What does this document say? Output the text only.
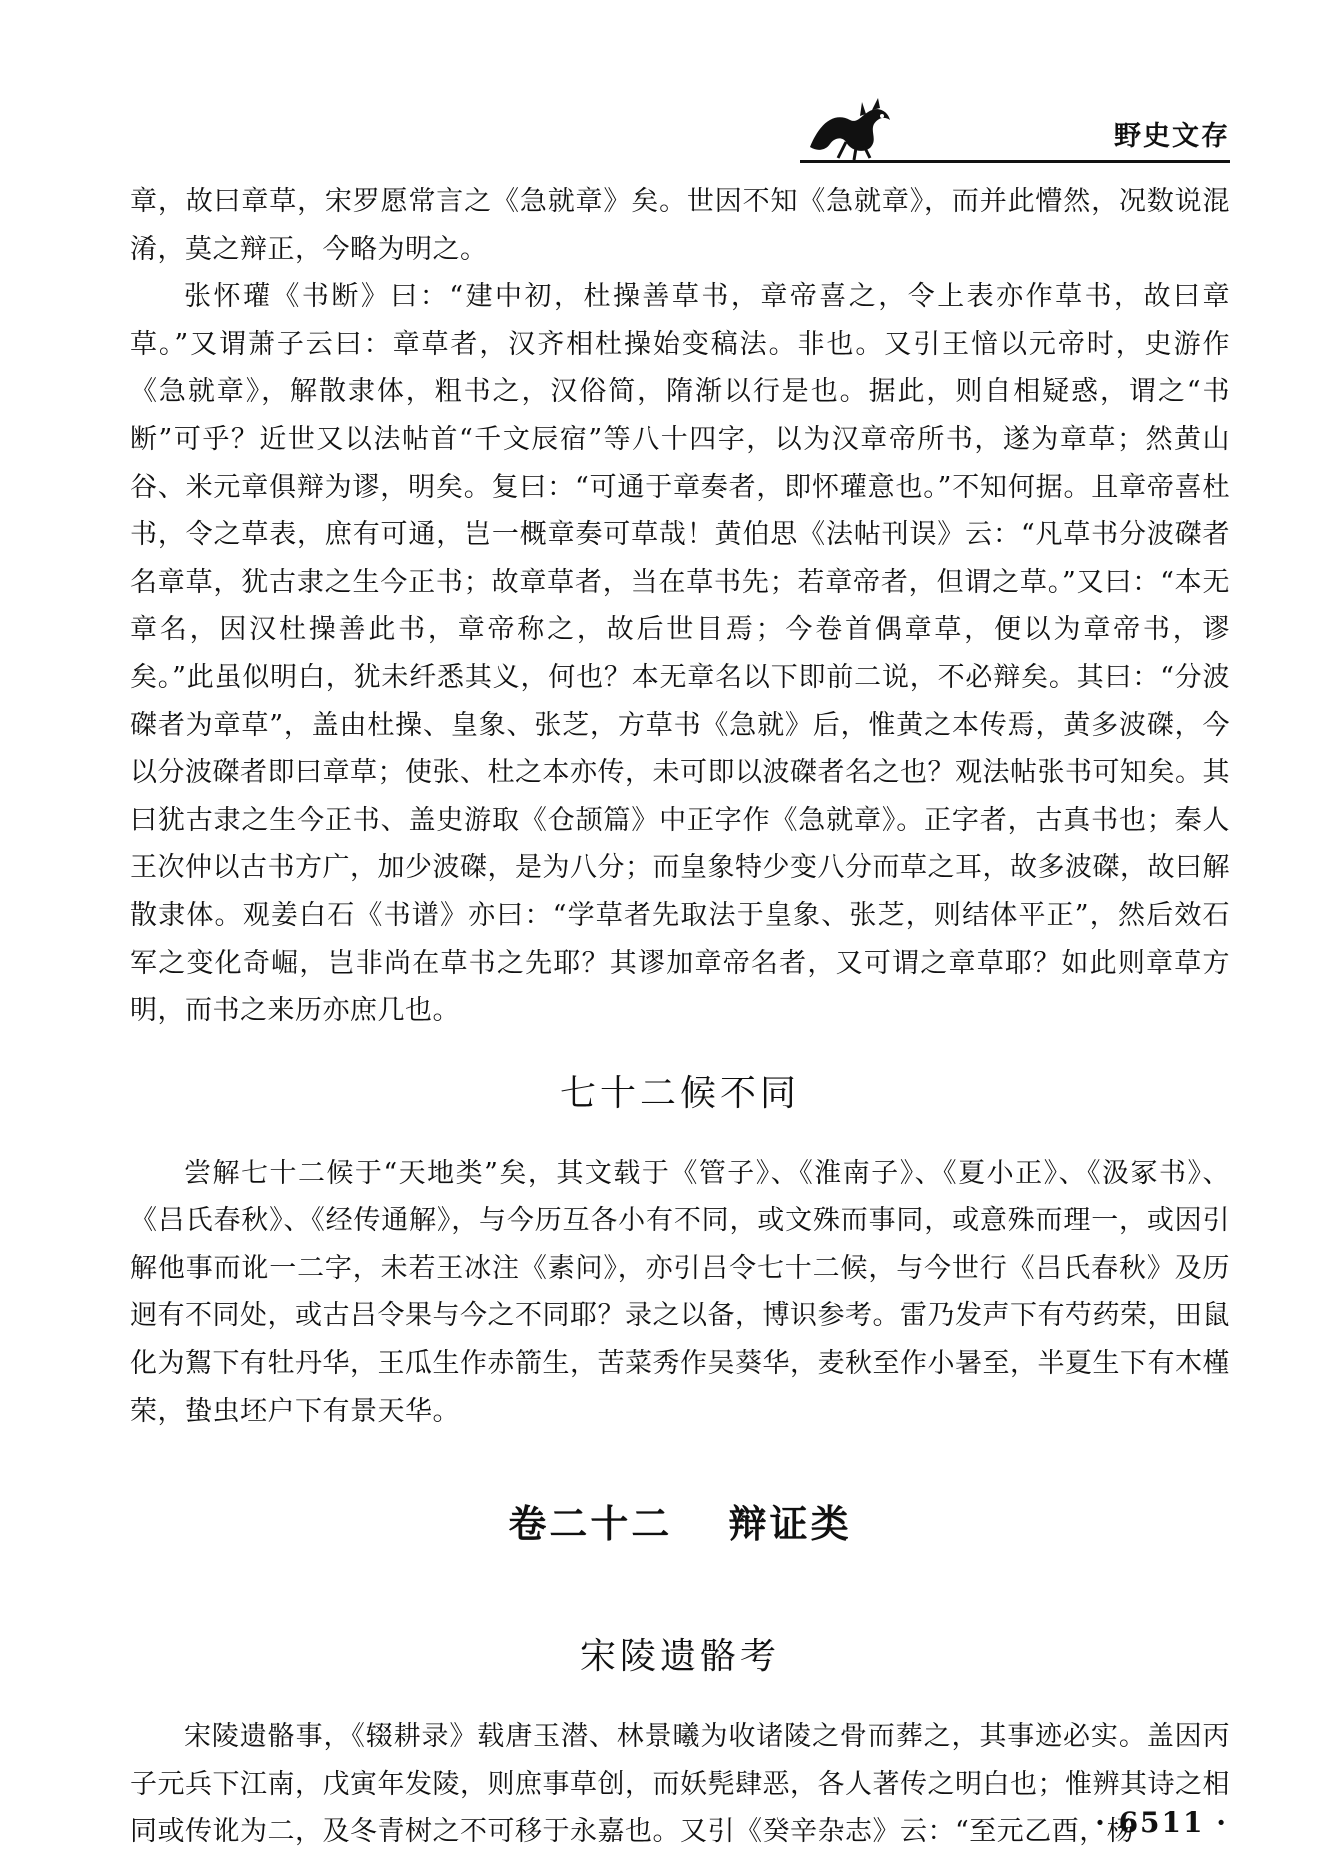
野史文存

章，故曰章草，宋罗愿常言之《急就章》矣。世因不知《急就章》，而并此懵然，况数说混淆，莫之辩正，今略为明之。

张怀瓘《书断》曰：“建中初，杜操善草书，章帝喜之，令上表亦作草书，故曰章草。”又谓萧子云曰：章草者，汉齐相杜操始变稿法。非也。又引王愔以元帝时，史游作《急就章》，解散隶体，粗书之，汉俗简，隋渐以行是也。据此，则自相疑惑，谓之“书断”可乎？近世又以法帖首“千文辰宿”等八十四字，以为汉章帝所书，遂为章草；然黄山谷、米元章俱辩为谬，明矣。复曰：“可通于章奏者，即怀瓘意也。”不知何据。且章帝喜杜书，令之草表，庶有可通，岂一概章奏可草哉！黄伯思《法帖刊误》云：“凡草书分波磔者名章草，犹古隶之生今正书；故章草者，当在草书先；若章帝者，但谓之草。”又曰：“本无章名，因汉杜操善此书，章帝称之，故后世目焉；今卷首偶章草，便以为章帝书，谬矣。”此虽似明白，犹未纤悉其义，何也？本无章名以下即前二说，不必辩矣。其曰：“分波磔者为章草”，盖由杜操、皇象、张芝，方草书《急就》后，惟黄之本传焉，黄多波磔，今以分波磔者即曰章草；使张、杜之本亦传，未可即以波磔者名之也？观法帖张书可知矣。其曰犹古隶之生今正书、盖史游取《仓颉篇》中正字作《急就章》。正字者，古真书也；秦人王次仲以古书方广，加少波磔，是为八分；而皇象特少变八分而草之耳，故多波磔，故曰解散隶体。观姜白石《书谱》亦曰：“学草者先取法于皇象、张芝，则结体平正”，然后效石军之变化奇崛，岂非尚在草书之先耶？其谬加章帝名者，又可谓之章草耶？如此则章草方明，而书之来历亦庶几也。

七十二候不同

尝解七十二候于“天地类”矣，其文载于《管子》、《淮南子》、《夏小正》、《汲冢书》、《吕氏春秋》、《经传通解》，与今历互各小有不同，或文殊而事同，或意殊而理一，或因引解他事而讹一二字，未若王冰注《素问》，亦引吕令七十二候，与今世行《吕氏春秋》及历迥有不同处，或古吕令果与今之不同耶？录之以备，博识参考。雷乃发声下有芍药荣，田鼠化为鴽下有牡丹华，王瓜生作赤箭生，苦菜秀作吴葵华，麦秋至作小暑至，半夏生下有木槿荣，蛰虫坯户下有景天华。

卷二十二 辩证类
宋陵遗骼考

宋陵遗骼事，《辍耕录》载唐玉潜、林景曦为收诸陵之骨而葬之，其事迹必实。盖因丙子元兵下江南，戊寅年发陵，则庶事草创，而妖髡肆恶，各人著传之明白也；惟辨其诗之相同或传讹为二，及冬青树之不可移于永嘉也。又引《癸辛杂志》云：“至元乙酉，杨

· 6511 ·
